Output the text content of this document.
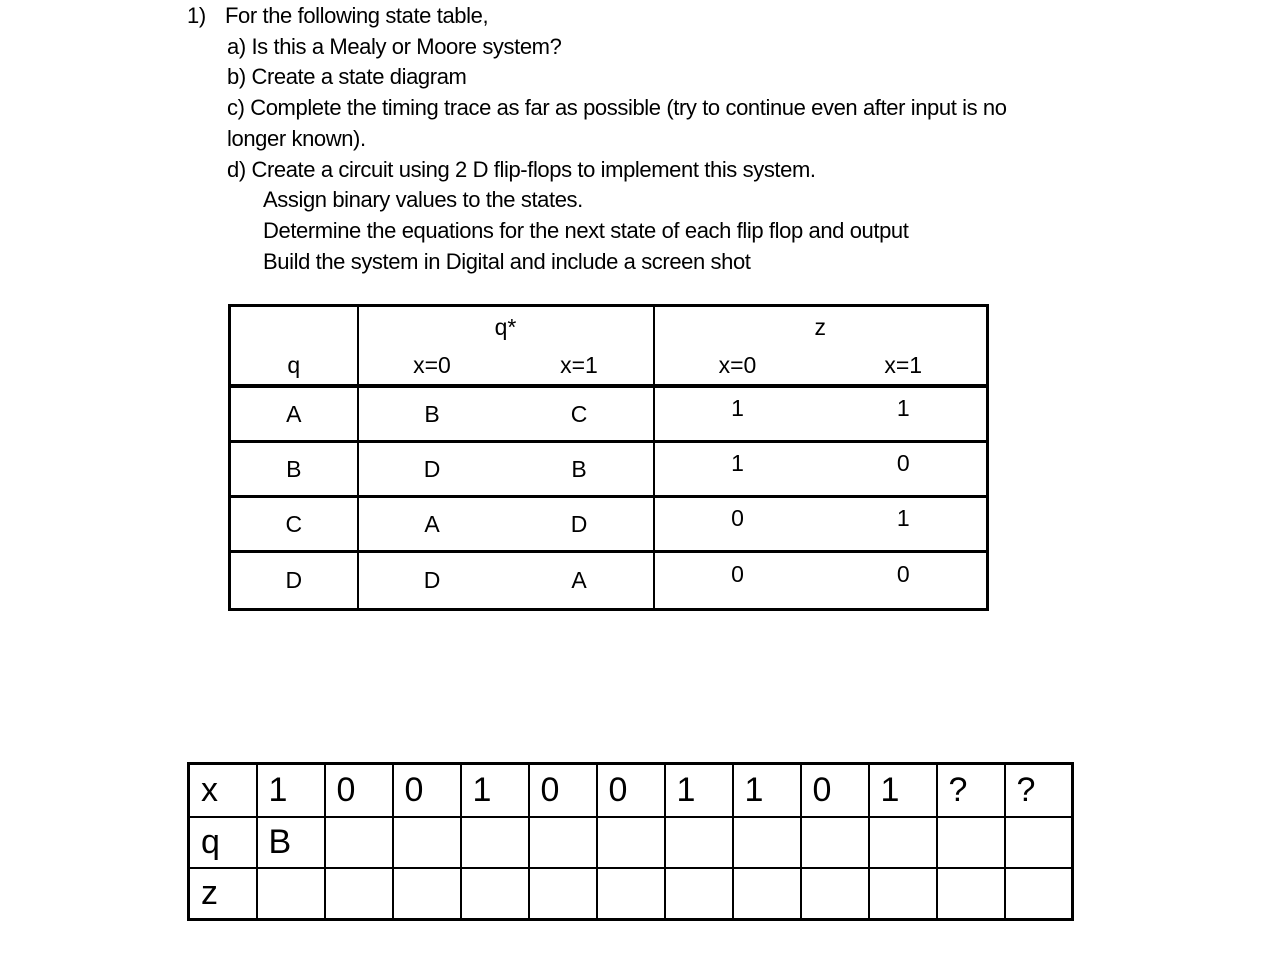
1) For the following state table,
a) Is this a Mealy or Moore system?
b) Create a state diagram
c) Complete the timing trace as far as possible (try to continue even after input is no
longer known).
d) Create a circuit using 2 D flip-flops to implement this system.
Assign binary values to the states.
Determine the equations for the next state of each flip flop and output
Build the system in Digital and include a screen shot
	q*		z	
q	x=0	x=1	x=0	x=1
A	B	C	1	1
B	D	B	1	0
C	A	D	0	1
D	D	A	0	0
x	1	0	0	1	0	0	1	1	0	1	?	?
q	B											
z												
